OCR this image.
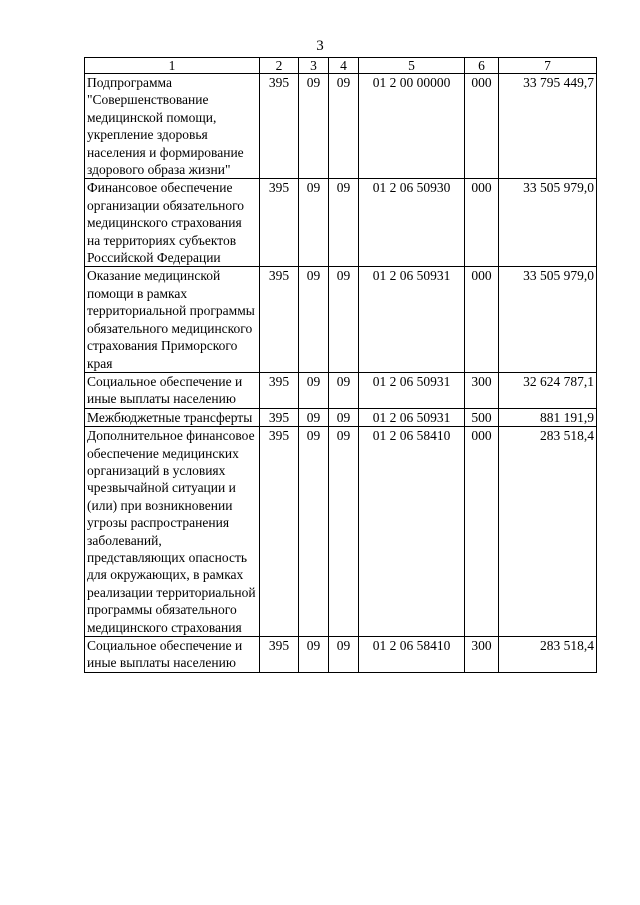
3
1	2	3	4	5	6	7
Подпрограмма "Совершенствование медицинской помощи, укрепление здоровья населения и формирование здорового образа жизни"	395	09	09	01 2 00 00000	000	33 795 449,7
Финансовое обеспечение организации обязательного медицинского страхования на территориях субъектов Российской Федерации	395	09	09	01 2 06 50930	000	33 505 979,0
Оказание медицинской помощи в рамках территориальной программы обязательного медицинского страхования Приморского края	395	09	09	01 2 06 50931	000	33 505 979,0
Социальное обеспечение и иные выплаты населению	395	09	09	01 2 06 50931	300	32 624 787,1
Межбюджетные трансферты	395	09	09	01 2 06 50931	500	881 191,9
Дополнительное финансовое обеспечение медицинских организаций в условиях чрезвычайной ситуации и (или) при возникновении угрозы распространения заболеваний, представляющих опасность для окружающих, в рамках реализации территориальной программы обязательного медицинского страхования	395	09	09	01 2 06 58410	000	283 518,4
Социальное обеспечение и иные выплаты населению	395	09	09	01 2 06 58410	300	283 518,4
